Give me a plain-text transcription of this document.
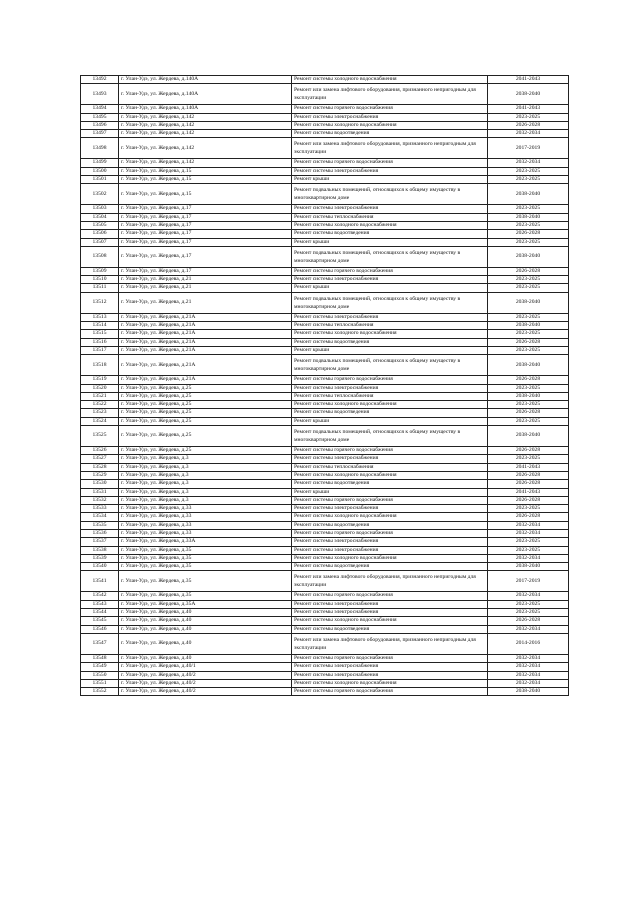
13492	г. Улан-Удэ, ул. Жердева, д.140А	Ремонт системы холодного водоснабжения	2041-2043
13493	г. Улан-Удэ, ул. Жердева, д.140А	Ремонт или замена лифтового оборудования, признанного непригодным для эксплуатации	2038-2040
13494	г. Улан-Удэ, ул. Жердева, д.140А	Ремонт системы горячего водоснабжения	2041-2043
13495	г. Улан-Удэ, ул. Жердева, д.142	Ремонт системы электроснабжения	2023-2025
13496	г. Улан-Удэ, ул. Жердева, д.142	Ремонт системы холодного водоснабжения	2026-2028
13497	г. Улан-Удэ, ул. Жердева, д.142	Ремонт системы водоотведения	2032-2034
13498	г. Улан-Удэ, ул. Жердева, д.142	Ремонт или замена лифтового оборудования, признанного непригодным для эксплуатации	2017-2019
13499	г. Улан-Удэ, ул. Жердева, д.142	Ремонт системы горячего водоснабжения	2032-2034
13500	г. Улан-Удэ, ул. Жердева, д.15	Ремонт системы электроснабжения	2023-2025
13501	г. Улан-Удэ, ул. Жердева, д.15	Ремонт крыши	2023-2025
13502	г. Улан-Удэ, ул. Жердева, д.15	Ремонт подвальных помещений, относящихся к общему имуществу в многоквартирном доме	2038-2040
13503	г. Улан-Удэ, ул. Жердева, д.17	Ремонт системы электроснабжения	2023-2025
13504	г. Улан-Удэ, ул. Жердева, д.17	Ремонт системы теплоснабжения	2038-2040
13505	г. Улан-Удэ, ул. Жердева, д.17	Ремонт системы холодного водоснабжения	2023-2025
13506	г. Улан-Удэ, ул. Жердева, д.17	Ремонт системы водоотведения	2026-2028
13507	г. Улан-Удэ, ул. Жердева, д.17	Ремонт крыши	2023-2025
13508	г. Улан-Удэ, ул. Жердева, д.17	Ремонт подвальных помещений, относящихся к общему имуществу в многоквартирном доме	2038-2040
13509	г. Улан-Удэ, ул. Жердева, д.17	Ремонт системы горячего водоснабжения	2026-2028
13510	г. Улан-Удэ, ул. Жердева, д.21	Ремонт системы электроснабжения	2023-2025
13511	г. Улан-Удэ, ул. Жердева, д.21	Ремонт крыши	2023-2025
13512	г. Улан-Удэ, ул. Жердева, д.21	Ремонт подвальных помещений, относящихся к общему имуществу в многоквартирном доме	2038-2040
13513	г. Улан-Удэ, ул. Жердева, д.21А	Ремонт системы электроснабжения	2023-2025
13514	г. Улан-Удэ, ул. Жердева, д.21А	Ремонт системы теплоснабжения	2038-2040
13515	г. Улан-Удэ, ул. Жердева, д.21А	Ремонт системы холодного водоснабжения	2023-2025
13516	г. Улан-Удэ, ул. Жердева, д.21А	Ремонт системы водоотведения	2026-2028
13517	г. Улан-Удэ, ул. Жердева, д.21А	Ремонт крыши	2023-2025
13518	г. Улан-Удэ, ул. Жердева, д.21А	Ремонт подвальных помещений, относящихся к общему имуществу в многоквартирном доме	2038-2040
13519	г. Улан-Удэ, ул. Жердева, д.21А	Ремонт системы горячего водоснабжения	2026-2028
13520	г. Улан-Удэ, ул. Жердева, д.25	Ремонт системы электроснабжения	2023-2025
13521	г. Улан-Удэ, ул. Жердева, д.25	Ремонт системы теплоснабжения	2038-2040
13522	г. Улан-Удэ, ул. Жердева, д.25	Ремонт системы холодного водоснабжения	2023-2025
13523	г. Улан-Удэ, ул. Жердева, д.25	Ремонт системы водоотведения	2026-2028
13524	г. Улан-Удэ, ул. Жердева, д.25	Ремонт крыши	2023-2025
13525	г. Улан-Удэ, ул. Жердева, д.25	Ремонт подвальных помещений, относящихся к общему имуществу в многоквартирном доме	2038-2040
13526	г. Улан-Удэ, ул. Жердева, д.25	Ремонт системы горячего водоснабжения	2026-2028
13527	г. Улан-Удэ, ул. Жердева, д.3	Ремонт системы электроснабжения	2023-2025
13528	г. Улан-Удэ, ул. Жердева, д.3	Ремонт системы теплоснабжения	2041-2043
13529	г. Улан-Удэ, ул. Жердева, д.3	Ремонт системы холодного водоснабжения	2026-2028
13530	г. Улан-Удэ, ул. Жердева, д.3	Ремонт системы водоотведения	2026-2028
13531	г. Улан-Удэ, ул. Жердева, д.3	Ремонт крыши	2041-2043
13532	г. Улан-Удэ, ул. Жердева, д.3	Ремонт системы горячего водоснабжения	2026-2028
13533	г. Улан-Удэ, ул. Жердева, д.33	Ремонт системы электроснабжения	2023-2025
13534	г. Улан-Удэ, ул. Жердева, д.33	Ремонт системы холодного водоснабжения	2026-2028
13535	г. Улан-Удэ, ул. Жердева, д.33	Ремонт системы водоотведения	2032-2034
13536	г. Улан-Удэ, ул. Жердева, д.33	Ремонт системы горячего водоснабжения	2032-2034
13537	г. Улан-Удэ, ул. Жердева, д.33А	Ремонт системы электроснабжения	2023-2025
13538	г. Улан-Удэ, ул. Жердева, д.35	Ремонт системы электроснабжения	2023-2025
13539	г. Улан-Удэ, ул. Жердева, д.35	Ремонт системы холодного водоснабжения	2032-2034
13540	г. Улан-Удэ, ул. Жердева, д.35	Ремонт системы водоотведения	2038-2040
13541	г. Улан-Удэ, ул. Жердева, д.35	Ремонт или замена лифтового оборудования, признанного непригодным для эксплуатации	2017-2019
13542	г. Улан-Удэ, ул. Жердева, д.35	Ремонт системы горячего водоснабжения	2032-2034
13543	г. Улан-Удэ, ул. Жердева, д.35А	Ремонт системы электроснабжения	2023-2025
13544	г. Улан-Удэ, ул. Жердева, д.40	Ремонт системы электроснабжения	2023-2025
13545	г. Улан-Удэ, ул. Жердева, д.40	Ремонт системы холодного водоснабжения	2026-2028
13546	г. Улан-Удэ, ул. Жердева, д.40	Ремонт системы водоотведения	2032-2034
13547	г. Улан-Удэ, ул. Жердева, д.40	Ремонт или замена лифтового оборудования, признанного непригодным для эксплуатации	2014-2016
13548	г. Улан-Удэ, ул. Жердева, д.40	Ремонт системы горячего водоснабжения	2032-2034
13549	г. Улан-Удэ, ул. Жердева, д.40/1	Ремонт системы электроснабжения	2032-2034
13550	г. Улан-Удэ, ул. Жердева, д.40/2	Ремонт системы электроснабжения	2032-2034
13551	г. Улан-Удэ, ул. Жердева, д.40/2	Ремонт системы холодного водоснабжения	2032-2034
13552	г. Улан-Удэ, ул. Жердева, д.40/2	Ремонт системы горячего водоснабжения	2038-2040
